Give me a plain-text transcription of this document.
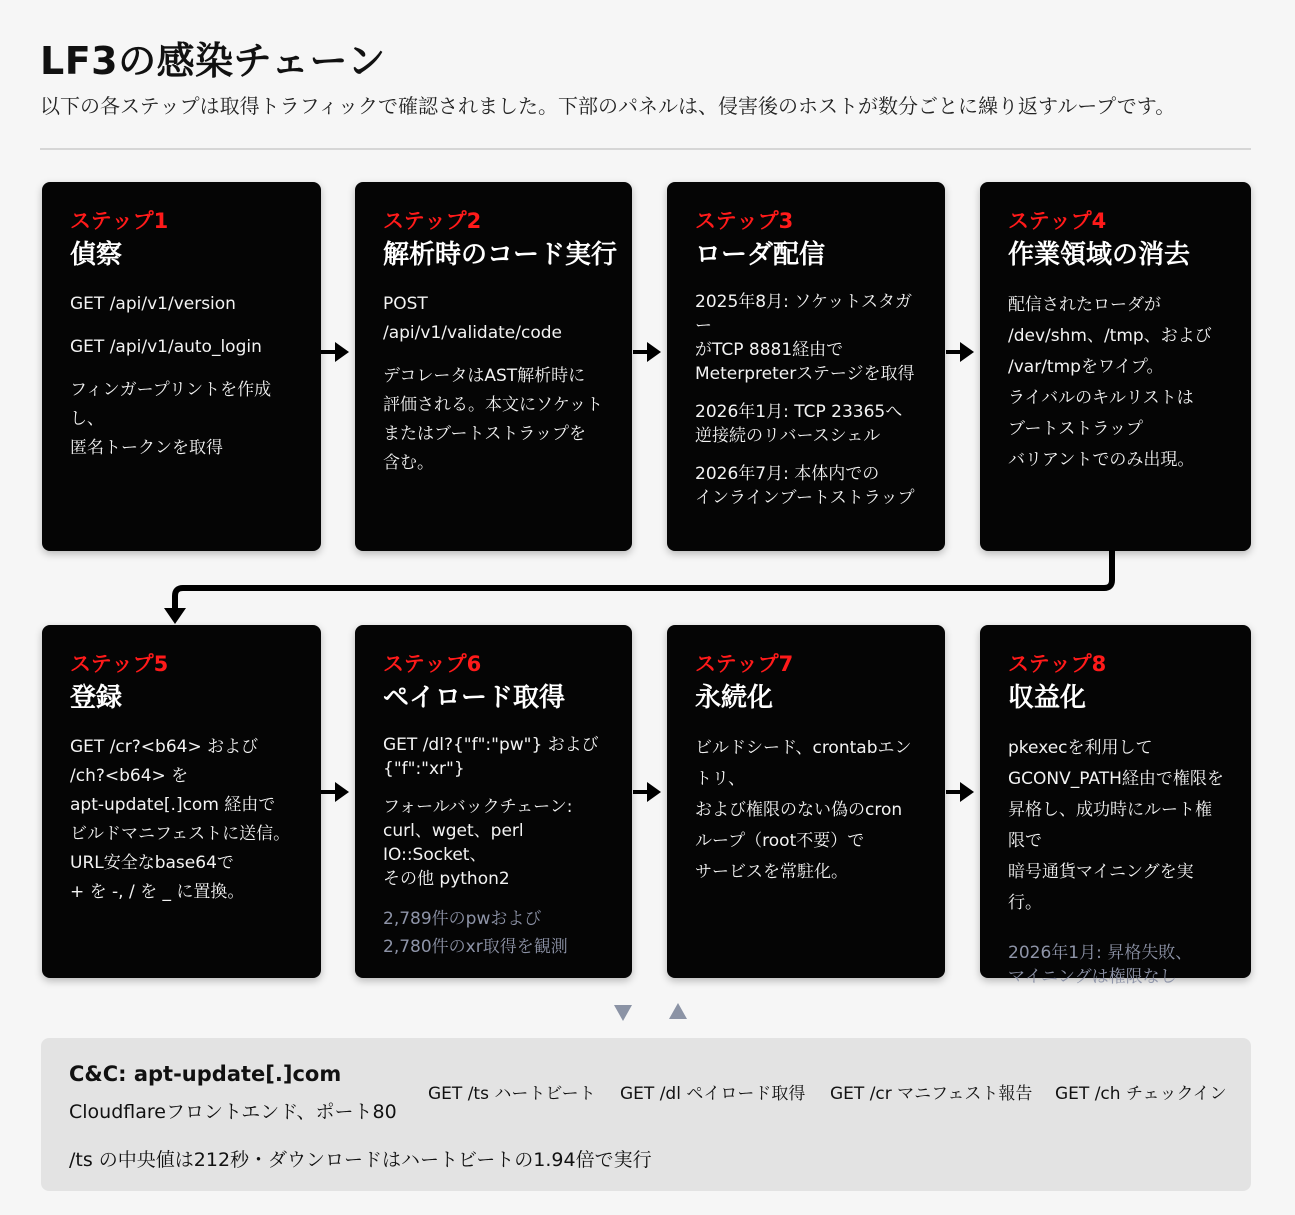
LF3の感染チェーン
以下の各ステップは取得トラフィックで確認されました。下部のパネルは、侵害後のホストが数分ごとに繰り返すループです。
ステップ1
偵察
GET /api/v1/version
GET /api/v1/auto_login
フィンガープリントを作成し、
匿名トークンを取得
ステップ2
解析時のコード実行
POST
/api/v1/validate/code
デコレータはAST解析時に
評価される。本文にソケット
またはブートストラップを
含む。
ステップ3
ローダ配信
2025年8月: ソケットスタガー
がTCP 8881経由で
Meterpreterステージを取得
2026年1月: TCP 23365へ
逆接続のリバースシェル
2026年7月: 本体内での
インラインブートストラップ
ステップ4
作業領域の消去
配信されたローダが
/dev/shm、/tmp、および
/var/tmpをワイプ。
ライバルのキルリストは
ブートストラップ
バリアントでのみ出現。
ステップ5
登録
GET /cr?<b64> および
/ch?<b64> を
apt-update[.]com 経由で
ビルドマニフェストに送信。
URL安全なbase64で
+ を -, / を _ に置換。
ステップ6
ペイロード取得
GET /dl?{"f":"pw"} および
{"f":"xr"}
フォールバックチェーン:
curl、wget、perl IO::Socket、
その他 python2
2,789件のpwおよび
2,780件のxr取得を観測
ステップ7
永続化
ビルドシード、crontabエントリ、
および権限のない偽のcron
ループ（root不要）で
サービスを常駐化。
ステップ8
収益化
pkexecを利用して
GCONV_PATH経由で権限を
昇格し、成功時にルート権限で
暗号通貨マイニングを実行。
2026年1月: 昇格失敗、
マイニングは権限なし
C&C: apt-update[.]com
Cloudflareフロントエンド、ポート80
GET /ts ハートビート GET /dl ペイロード取得 GET /cr マニフェスト報告 GET /ch チェックイン
/ts の中央値は212秒・ダウンロードはハートビートの1.94倍で実行
